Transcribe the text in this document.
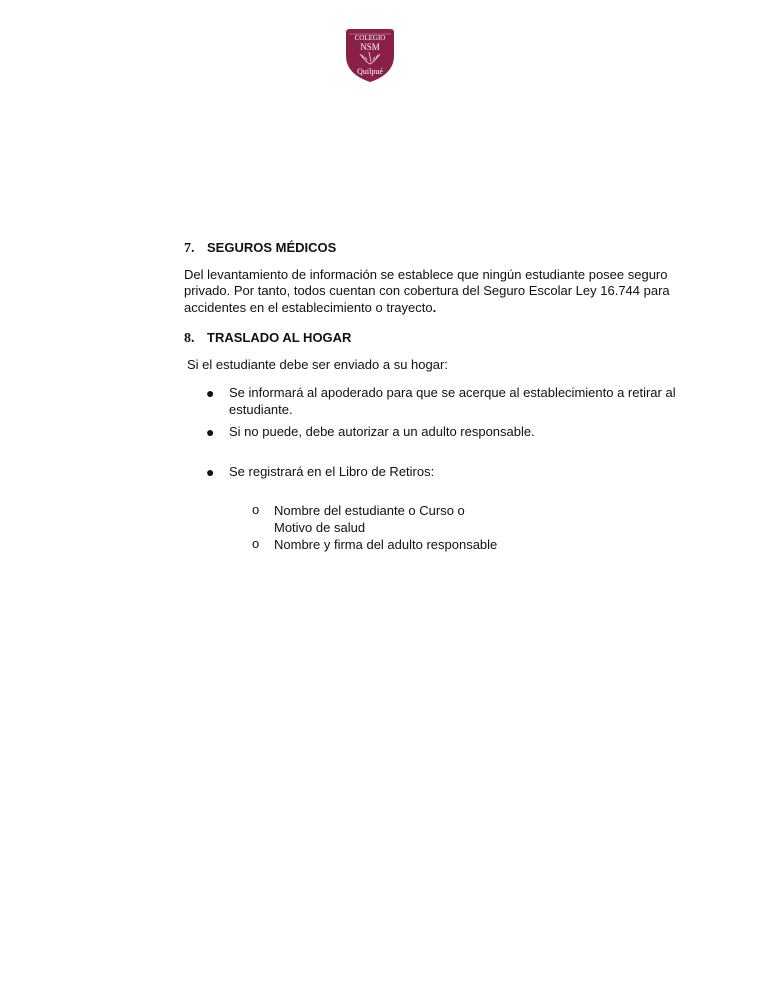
COLEGIO
NSM
Quilpué
7. SEGUROS MÉDICOS
Del levantamiento de información se establece que ningún estudiante posee seguro
privado. Por tanto, todos cuentan con cobertura del Seguro Escolar Ley 16.744 para
accidentes en el establecimiento o trayecto.
8. TRASLADO AL HOGAR
Si el estudiante debe ser enviado a su hogar:
● Se informará al apoderado para que se acerque al establecimiento a retirar al
estudiante.
● Si no puede, debe autorizar a un adulto responsable.
● Se registrará en el Libro de Retiros:
o Nombre del estudiante o Curso o
Motivo de salud
o Nombre y firma del adulto responsable
